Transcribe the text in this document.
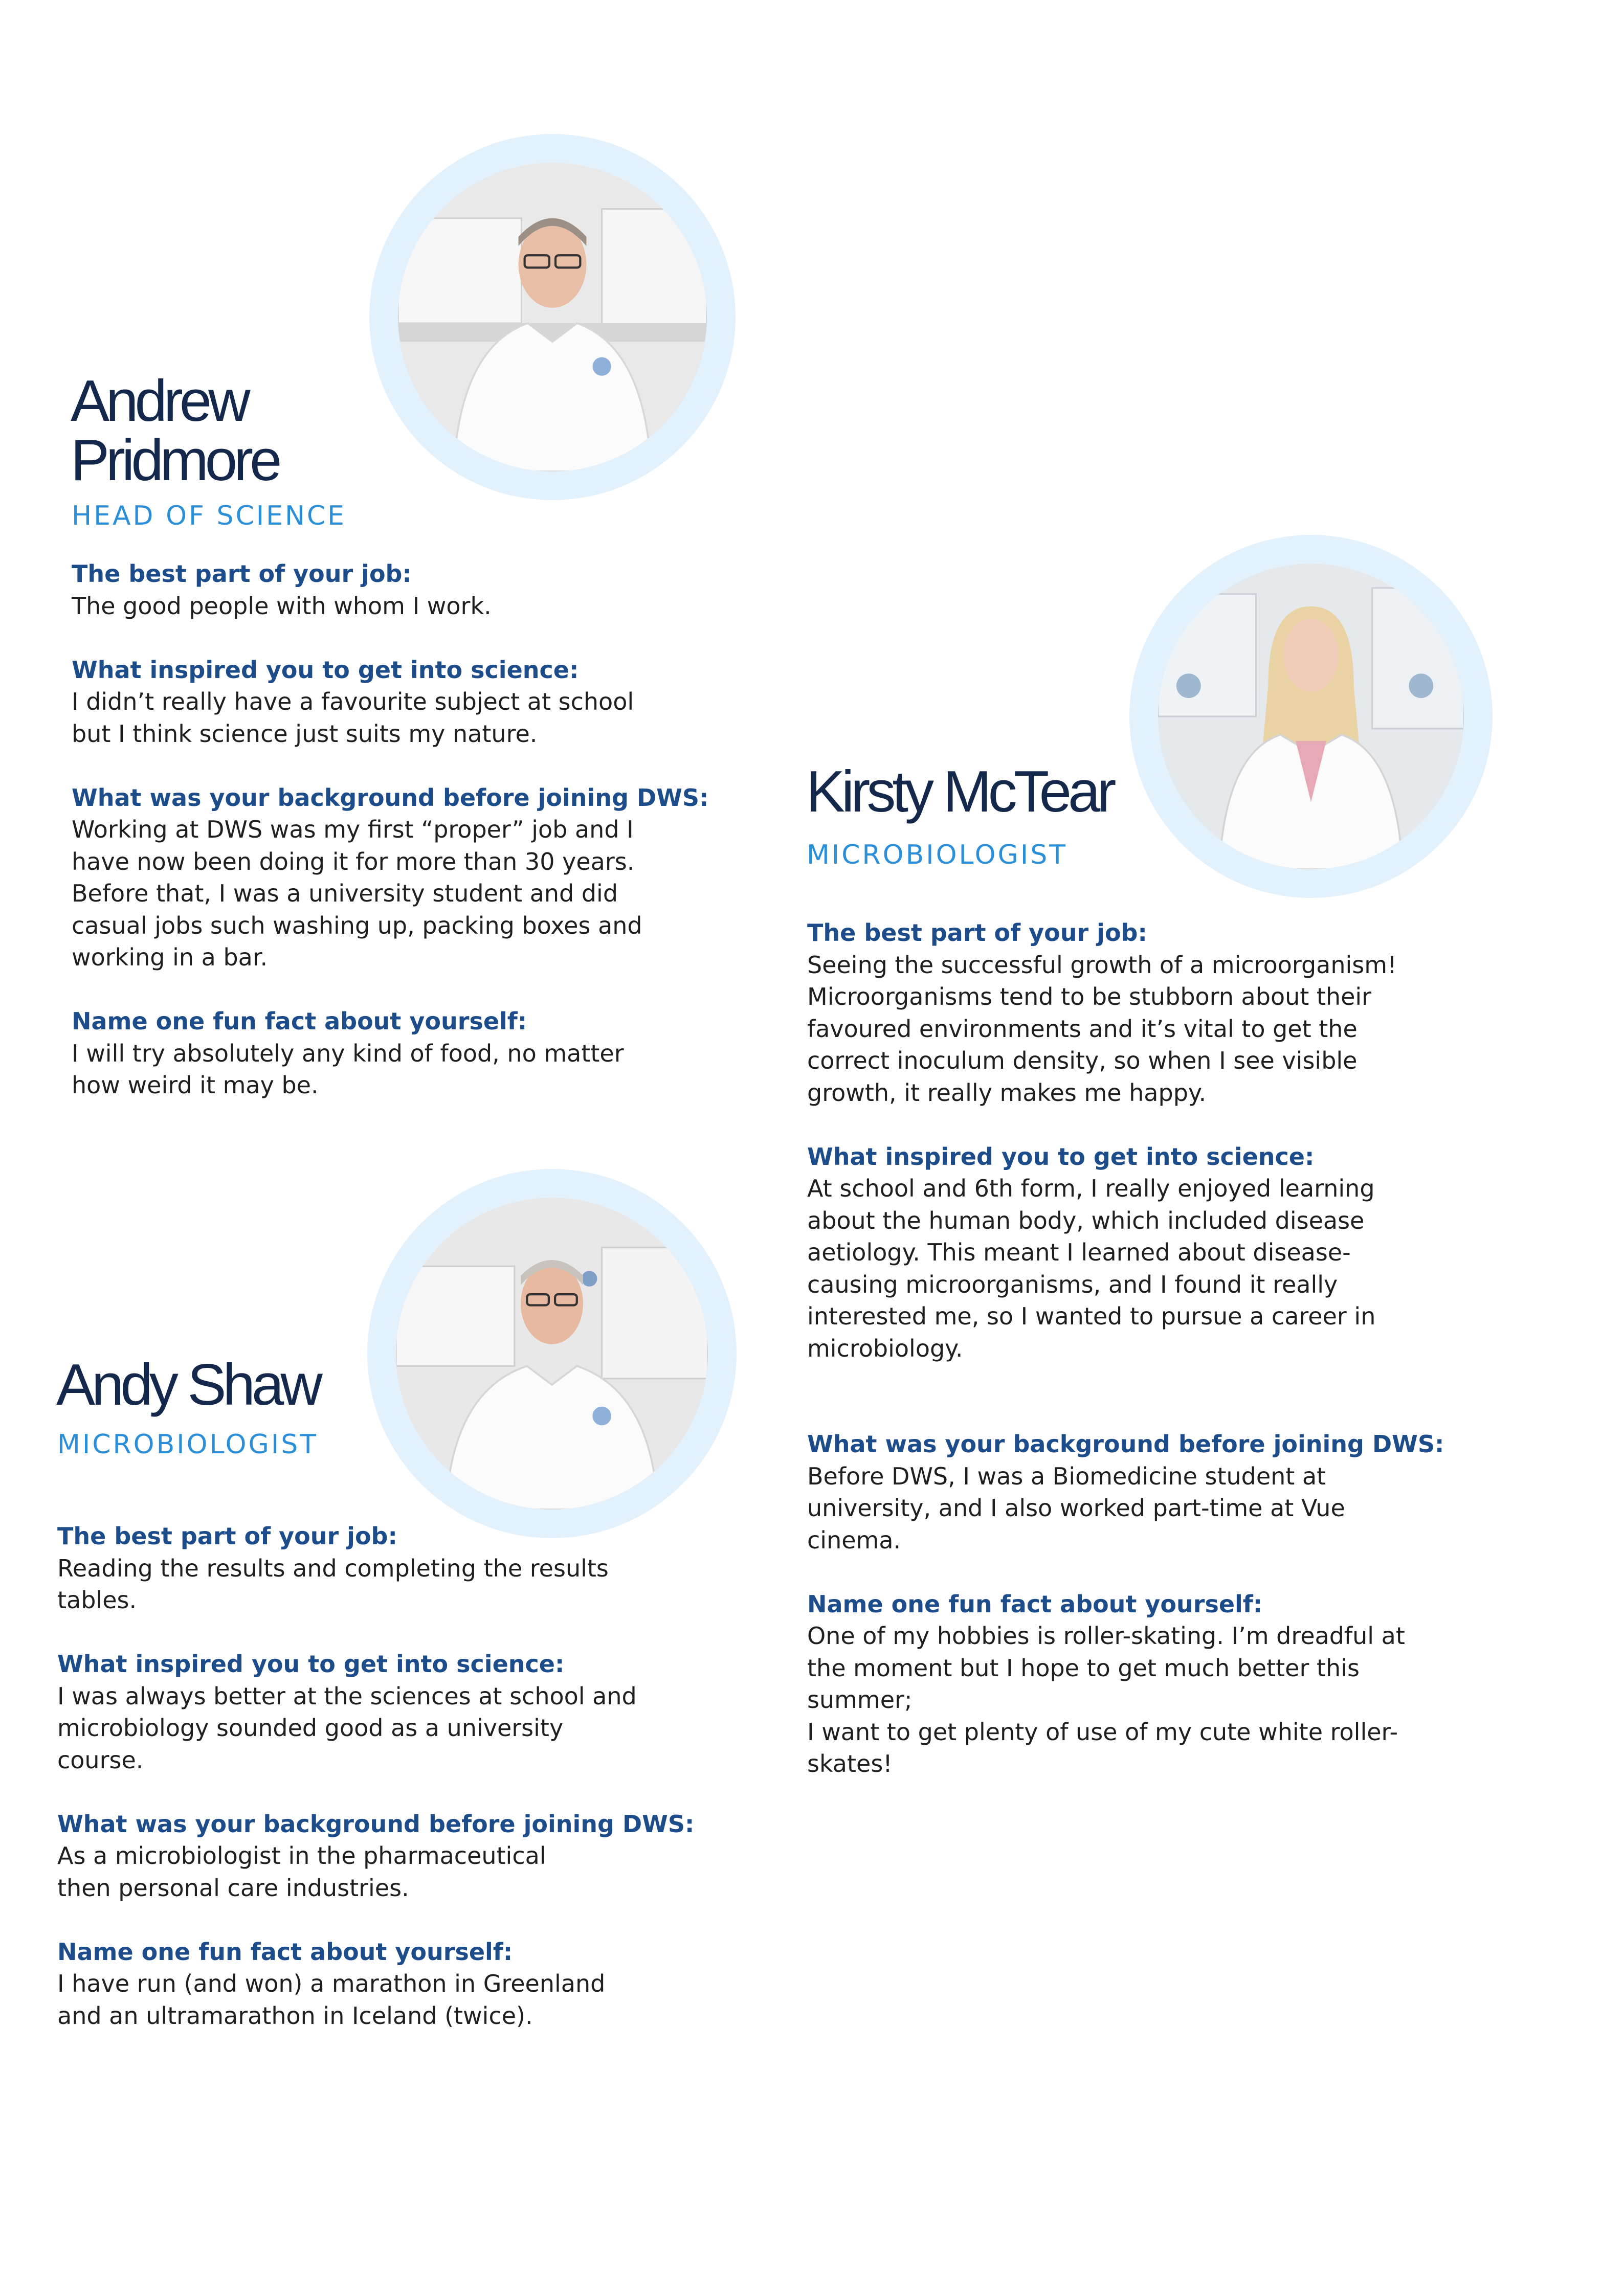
Andrew
Pridmore

HEAD OF SCIENCE

The best part of your job:

The good people with whom I work.

What inspired you to get into science:

I didn’t really have a favourite subject at school
but I think science just suits my nature.

What was your background before joining DWS:

Working at DWS was my first “proper” job and I
have now been doing it for more than 30 years.
Before that, I was a university student and did
casual jobs such washing up, packing boxes and
working in a bar.

Name one fun fact about yourself:

I will try absolutely any kind of food, no matter
how weird it may be.

Kirsty McTear

MICROBIOLOGIST

The best part of your job:

Seeing the successful growth of a microorganism!
Microorganisms tend to be stubborn about their
favoured environments and it’s vital to get the
correct inoculum density, so when I see visible
growth, it really makes me happy.

What inspired you to get into science:

At school and 6th form, I really enjoyed learning
about the human body, which included disease
aetiology. This meant I learned about disease-
causing microorganisms, and I found it really
interested me, so I wanted to pursue a career in
microbiology.

What was your background before joining DWS:

Before DWS, I was a Biomedicine student at
university, and I also worked part-time at Vue
cinema.

Name one fun fact about yourself:

One of my hobbies is roller-skating. I’m dreadful at
the moment but I hope to get much better this
summer;
I want to get plenty of use of my cute white roller-
skates!

Andy Shaw

MICROBIOLOGIST

The best part of your job:

Reading the results and completing the results
tables.

What inspired you to get into science:

I was always better at the sciences at school and
microbiology sounded good as a university
course.

What was your background before joining DWS:

As a microbiologist in the pharmaceutical
then personal care industries.

Name one fun fact about yourself:

I have run (and won) a marathon in Greenland
and an ultramarathon in Iceland (twice).
